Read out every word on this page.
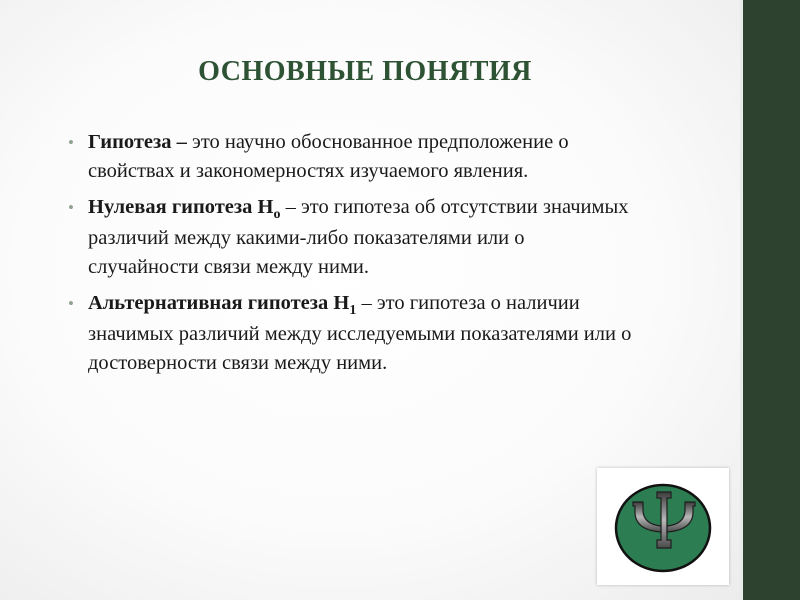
ОСНОВНЫЕ ПОНЯТИЯ
• Гипотеза – это научно обоснованное предположение о свойствах и закономерностях изучаемого явления.
• Нулевая гипотеза $Н_о$ – это гипотеза об отсутствии значимых различий между какими-либо показателями или о случайности связи между ними.
• Альтернативная гипотеза $Н_1$ – это гипотеза о наличии значимых различий между исследуемыми показателями или о достоверности связи между ними.
